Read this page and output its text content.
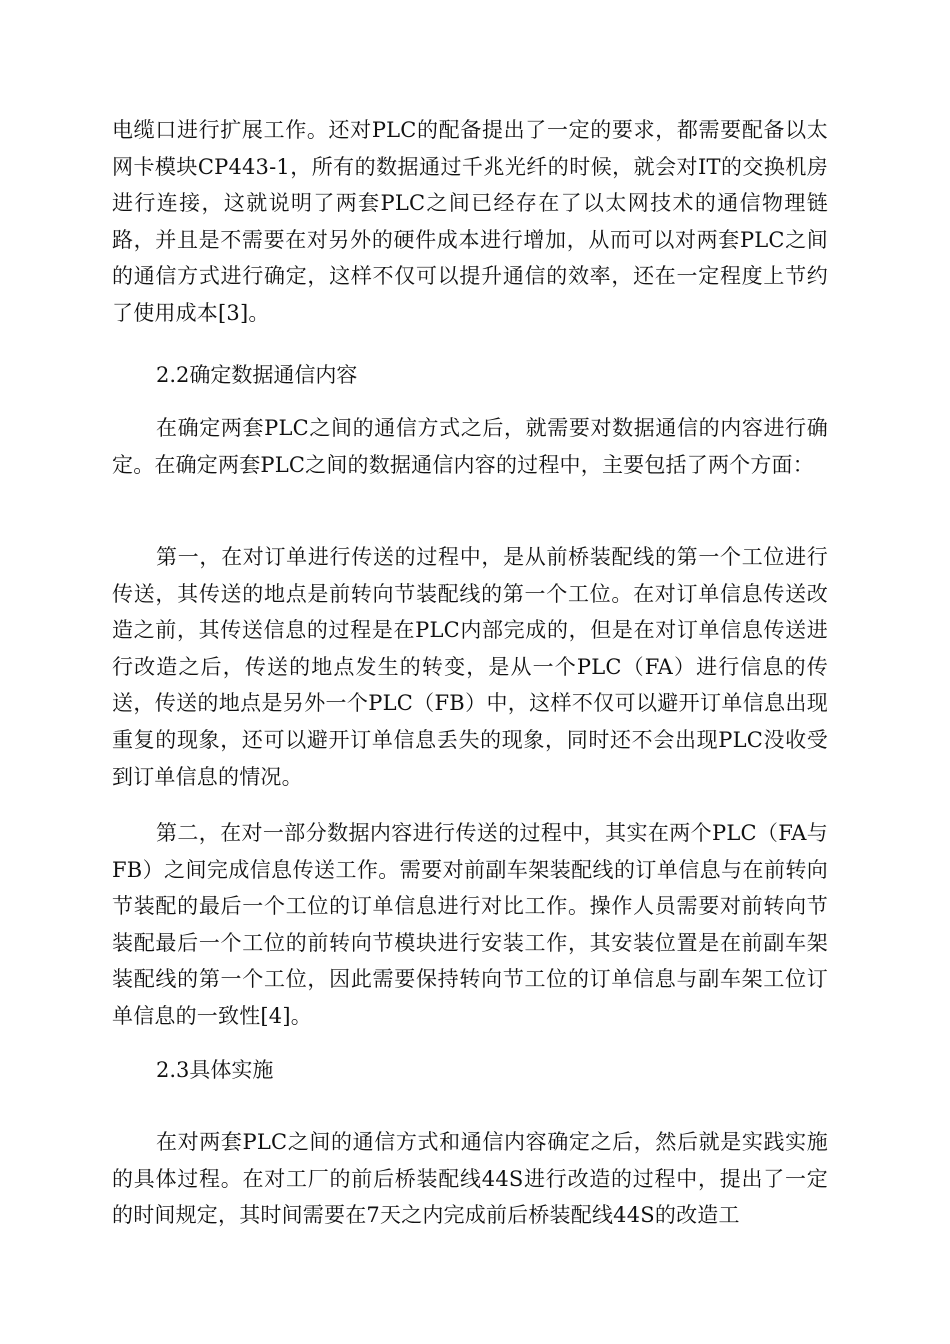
电缆口进行扩展工作。还对PLC的配备提出了一定的要求，都需要配备以太网卡模块CP443-1，所有的数据通过千兆光纤的时候，就会对IT的交换机房进行连接，这就说明了两套PLC之间已经存在了以太网技术的通信物理链路，并且是不需要在对另外的硬件成本进行增加，从而可以对两套PLC之间的通信方式进行确定，这样不仅可以提升通信的效率，还在一定程度上节约了使用成本[3]。

2.2确定数据通信内容

在确定两套PLC之间的通信方式之后，就需要对数据通信的内容进行确定。在确定两套PLC之间的数据通信内容的过程中，主要包括了两个方面：

第一，在对订单进行传送的过程中，是从前桥装配线的第一个工位进行传送，其传送的地点是前转向节装配线的第一个工位。在对订单信息传送改造之前，其传送信息的过程是在PLC内部完成的，但是在对订单信息传送进行改造之后，传送的地点发生的转变，是从一个PLC（FA）进行信息的传送，传送的地点是另外一个PLC（FB）中，这样不仅可以避开订单信息出现重复的现象，还可以避开订单信息丢失的现象，同时还不会出现PLC没收受到订单信息的情况。

第二，在对一部分数据内容进行传送的过程中，其实在两个PLC（FA与FB）之间完成信息传送工作。需要对前副车架装配线的订单信息与在前转向节装配的最后一个工位的订单信息进行对比工作。操作人员需要对前转向节装配最后一个工位的前转向节模块进行安装工作，其安装位置是在前副车架装配线的第一个工位，因此需要保持转向节工位的订单信息与副车架工位订单信息的一致性[4]。

2.3具体实施

在对两套PLC之间的通信方式和通信内容确定之后，然后就是实践实施的具体过程。在对工厂的前后桥装配线44S进行改造的过程中，提出了一定的时间规定，其时间需要在7天之内完成前后桥装配线44S的改造工
